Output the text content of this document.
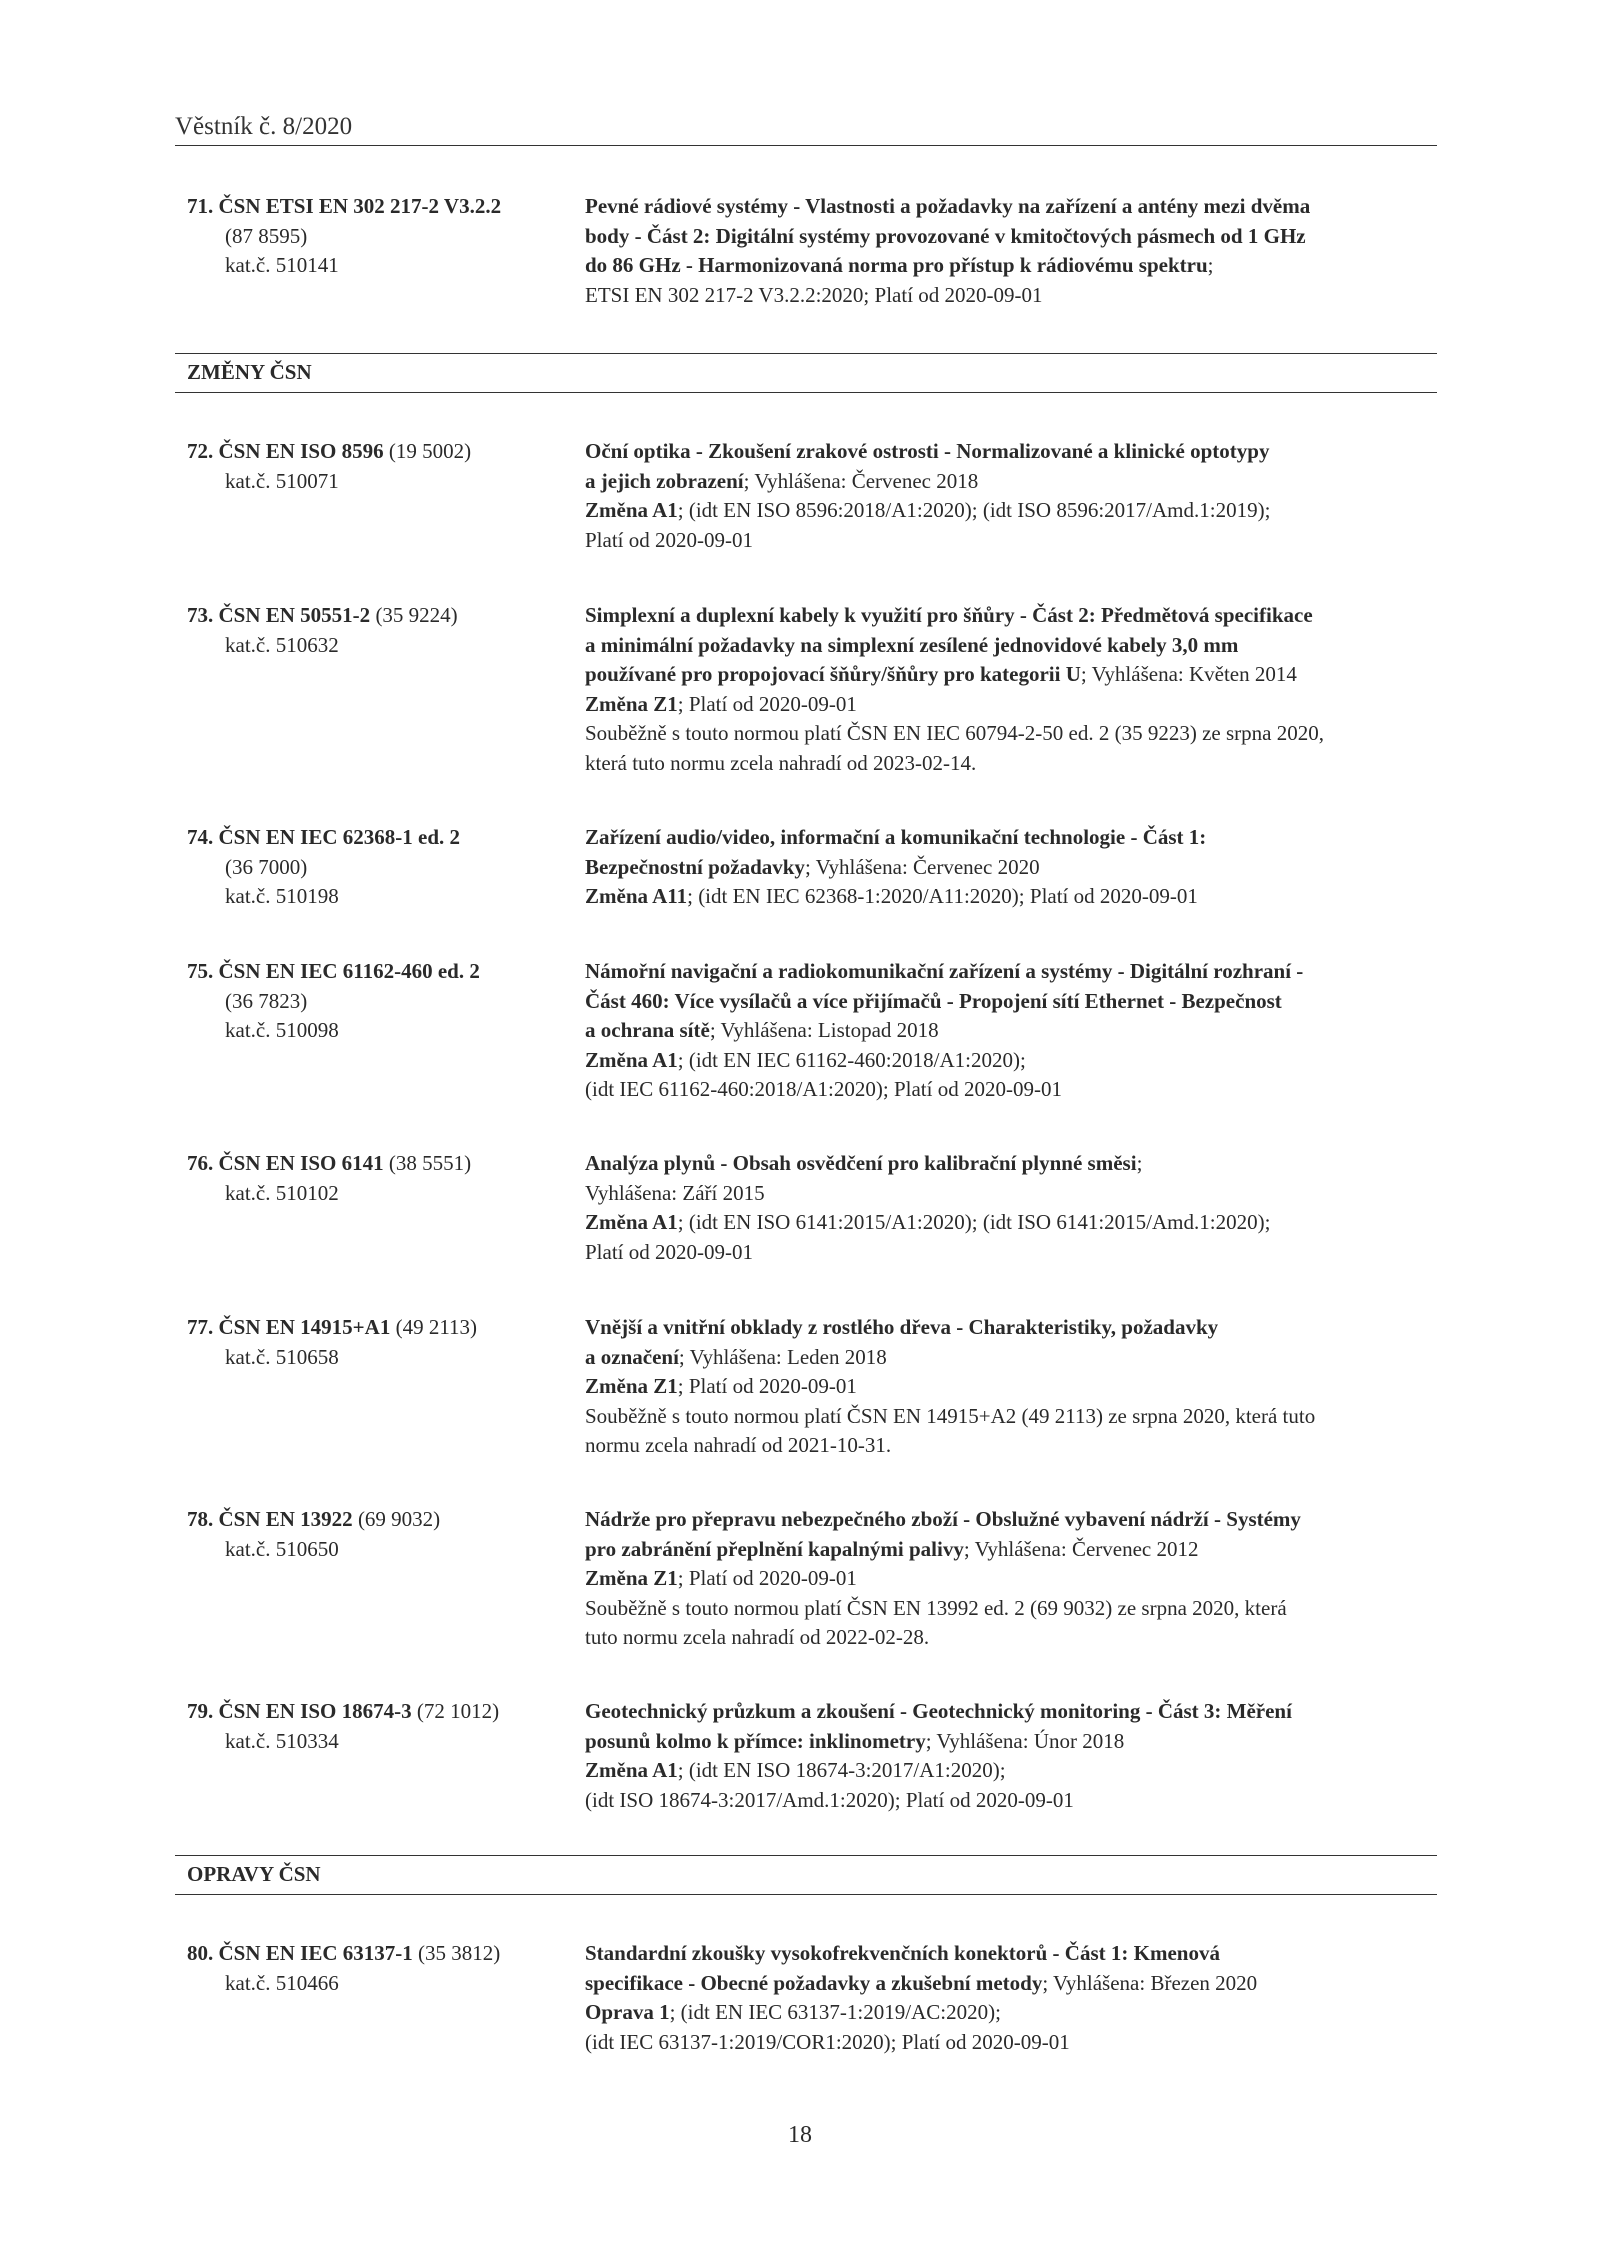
Věstník č. 8/2020
71. ČSN ETSI EN 302 217-2 V3.2.2
(87 8595)
kat.č. 510141
Pevné rádiové systémy - Vlastnosti a požadavky na zařízení a antény mezi dvěma
body - Část 2: Digitální systémy provozované v kmitočtových pásmech od 1 GHz
do 86 GHz - Harmonizovaná norma pro přístup k rádiovému spektru;
ETSI EN 302 217-2 V3.2.2:2020; Platí od 2020-09-01
ZMĚNY ČSN
72. ČSN EN ISO 8596 (19 5002)
kat.č. 510071
Oční optika - Zkoušení zrakové ostrosti - Normalizované a klinické optotypy
a jejich zobrazení; Vyhlášena: Červenec 2018
Změna A1; (idt EN ISO 8596:2018/A1:2020); (idt ISO 8596:2017/Amd.1:2019);
Platí od 2020-09-01
73. ČSN EN 50551-2 (35 9224)
kat.č. 510632
Simplexní a duplexní kabely k využití pro šňůry - Část 2: Předmětová specifikace
a minimální požadavky na simplexní zesílené jednovidové kabely 3,0 mm
používané pro propojovací šňůry/šňůry pro kategorii U; Vyhlášena: Květen 2014
Změna Z1; Platí od 2020-09-01
Souběžně s touto normou platí ČSN EN IEC 60794-2-50 ed. 2 (35 9223) ze srpna 2020,
která tuto normu zcela nahradí od 2023-02-14.
74. ČSN EN IEC 62368-1 ed. 2
(36 7000)
kat.č. 510198
Zařízení audio/video, informační a komunikační technologie - Část 1:
Bezpečnostní požadavky; Vyhlášena: Červenec 2020
Změna A11; (idt EN IEC 62368-1:2020/A11:2020); Platí od 2020-09-01
75. ČSN EN IEC 61162-460 ed. 2
(36 7823)
kat.č. 510098
Námořní navigační a radiokomunikační zařízení a systémy - Digitální rozhraní -
Část 460: Více vysílačů a více přijímačů - Propojení sítí Ethernet - Bezpečnost
a ochrana sítě; Vyhlášena: Listopad 2018
Změna A1; (idt EN IEC 61162-460:2018/A1:2020);
(idt IEC 61162-460:2018/A1:2020); Platí od 2020-09-01
76. ČSN EN ISO 6141 (38 5551)
kat.č. 510102
Analýza plynů - Obsah osvědčení pro kalibrační plynné směsi;
Vyhlášena: Září 2015
Změna A1; (idt EN ISO 6141:2015/A1:2020); (idt ISO 6141:2015/Amd.1:2020);
Platí od 2020-09-01
77. ČSN EN 14915+A1 (49 2113)
kat.č. 510658
Vnější a vnitřní obklady z rostlého dřeva - Charakteristiky, požadavky
a označení; Vyhlášena: Leden 2018
Změna Z1; Platí od 2020-09-01
Souběžně s touto normou platí ČSN EN 14915+A2 (49 2113) ze srpna 2020, která tuto
normu zcela nahradí od 2021-10-31.
78. ČSN EN 13922 (69 9032)
kat.č. 510650
Nádrže pro přepravu nebezpečného zboží - Obslužné vybavení nádrží - Systémy
pro zabránění přeplnění kapalnými palivy; Vyhlášena: Červenec 2012
Změna Z1; Platí od 2020-09-01
Souběžně s touto normou platí ČSN EN 13992 ed. 2 (69 9032) ze srpna 2020, která
tuto normu zcela nahradí od 2022-02-28.
79. ČSN EN ISO 18674-3 (72 1012)
kat.č. 510334
Geotechnický průzkum a zkoušení - Geotechnický monitoring - Část 3: Měření
posunů kolmo k přímce: inklinometry; Vyhlášena: Únor 2018
Změna A1; (idt EN ISO 18674-3:2017/A1:2020);
(idt ISO 18674-3:2017/Amd.1:2020); Platí od 2020-09-01
OPRAVY ČSN
80. ČSN EN IEC 63137-1 (35 3812)
kat.č. 510466
Standardní zkoušky vysokofrekvenčních konektorů - Část 1: Kmenová
specifikace - Obecné požadavky a zkušební metody; Vyhlášena: Březen 2020
Oprava 1; (idt EN IEC 63137-1:2019/AC:2020);
(idt IEC 63137-1:2019/COR1:2020); Platí od 2020-09-01
18
